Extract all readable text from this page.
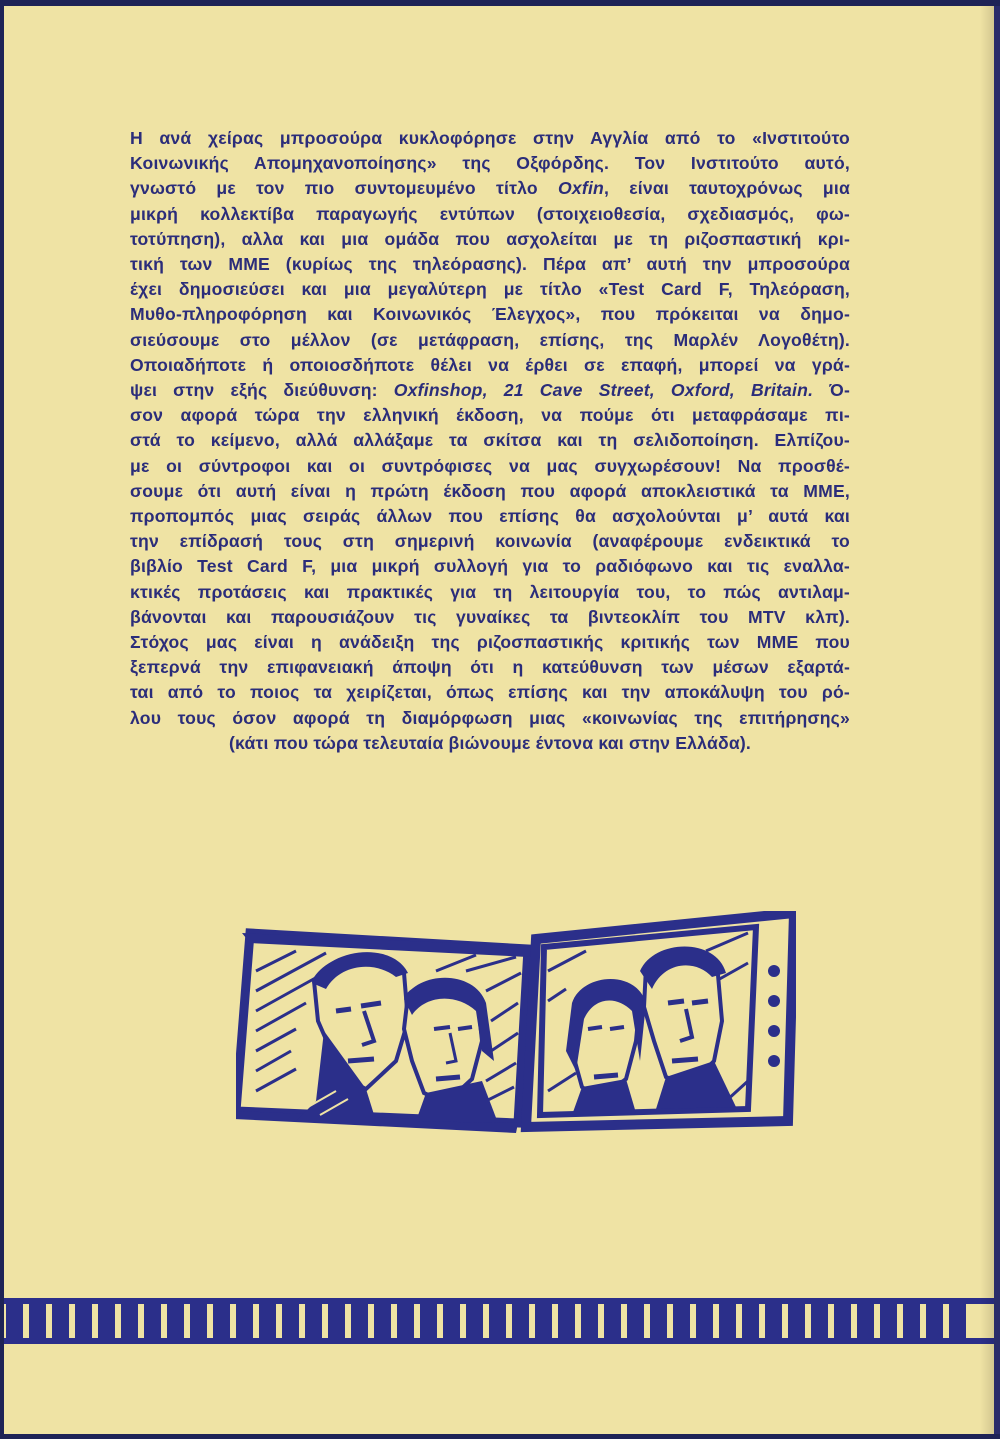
Η ανά χείρας μπροσούρα κυκλοφόρησε στην Αγγλία από το «Ινστιτούτο
Κοινωνικής Απομηχανοποίησης» της Οξφόρδης. Τον Ινστιτούτο αυτό,
γνωστό με τον πιο συντομευμένο τίτλο Oxfin, είναι ταυτοχρόνως μια
μικρή κολλεκτίβα παραγωγής εντύπων (στοιχειοθεσία, σχεδιασμός, φω-
τοτύπηση), αλλα και μια ομάδα που ασχολείται με τη ριζοσπαστική κρι-
τική των ΜΜΕ (κυρίως της τηλεόρασης). Πέρα απ’ αυτή την μπροσούρα
έχει δημοσιεύσει και μια μεγαλύτερη με τίτλο «Test Card F, Τηλεόραση,
Μυθο-πληροφόρηση και Κοινωνικός Έλεγχος», που πρόκειται να δημο-
σιεύσουμε στο μέλλον (σε μετάφραση, επίσης, της Μαρλέν Λογοθέτη).
Οποιαδήποτε ή οποιοσδήποτε θέλει να έρθει σε επαφή, μπορεί να γρά-
ψει στην εξής διεύθυνση: Oxfinshop, 21 Cave Street, Oxford, Britain. Ό-
σον αφορά τώρα την ελληνική έκδοση, να πούμε ότι μεταφράσαμε πι-
στά το κείμενο, αλλά αλλάξαμε τα σκίτσα και τη σελιδοποίηση. Ελπίζου-
με οι σύντροφοι και οι συντρόφισες να μας συγχωρέσουν! Να προσθέ-
σουμε ότι αυτή είναι η πρώτη έκδοση που αφορά αποκλειστικά τα ΜΜΕ,
προπομπός μιας σειράς άλλων που επίσης θα ασχολούνται μ’ αυτά και
την επίδρασή τους στη σημερινή κοινωνία (αναφέρουμε ενδεικτικά το
βιβλίο Test Card F, μια μικρή συλλογή για το ραδιόφωνο και τις εναλλα-
κτικές προτάσεις και πρακτικές για τη λειτουργία του, το πώς αντιλαμ-
βάνονται και παρουσιάζουν τις γυναίκες τα βιντεοκλίπ του MTV κλπ).
Στόχος μας είναι η ανάδειξη της ριζοσπαστικής κριτικής των ΜΜΕ που
ξεπερνά την επιφανειακή άποψη ότι η κατεύθυνση των μέσων εξαρτά-
ται από το ποιος τα χειρίζεται, όπως επίσης και την αποκάλυψη του ρό-
λου τους όσον αφορά τη διαμόρφωση μιας «κοινωνίας της επιτήρησης»
(κάτι που τώρα τελευταία βιώνουμε έντονα και στην Ελλάδα).
